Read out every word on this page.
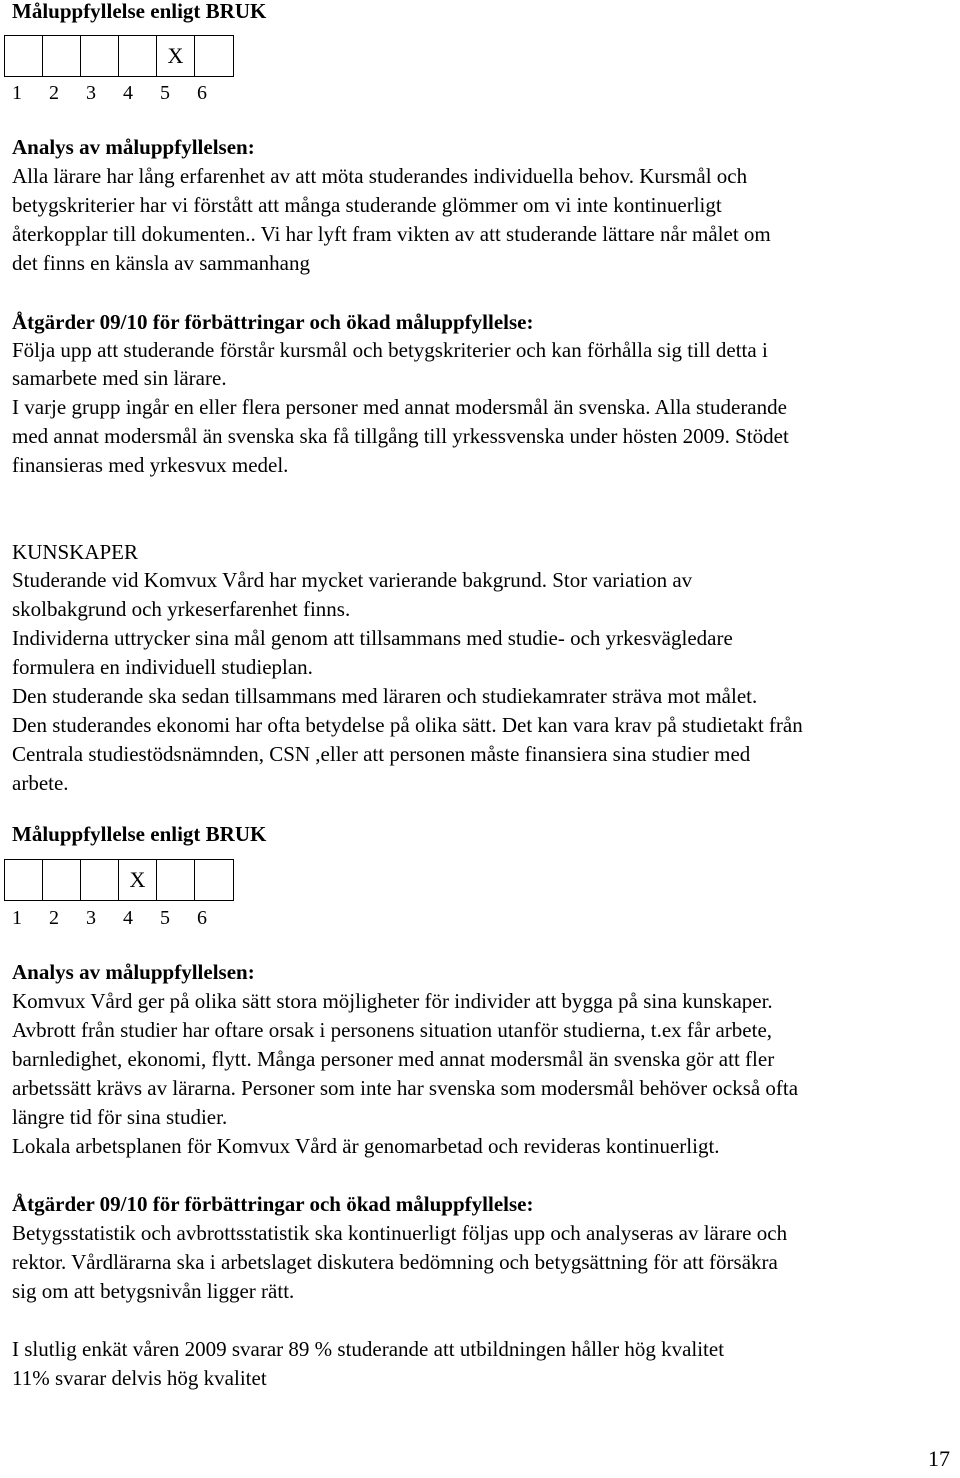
Måluppfyllelse enligt BRUK
X
1 2 3 4 5 6
Analys av måluppfyllelsen:
Alla lärare har lång erfarenhet av att möta studerandes individuella behov. Kursmål och
betygskriterier har vi förstått att många studerande glömmer om vi inte kontinuerligt
återkopplar till dokumenten.. Vi har lyft fram vikten av att studerande lättare når målet om
det finns en känsla av sammanhang
Åtgärder 09/10 för förbättringar och ökad måluppfyllelse:
Följa upp att studerande förstår kursmål och betygskriterier och kan förhålla sig till detta i
samarbete med sin lärare.
I varje grupp ingår en eller flera personer med annat modersmål än svenska. Alla studerande
med annat modersmål än svenska ska få tillgång till yrkessvenska under hösten 2009. Stödet
finansieras med yrkesvux medel.
KUNSKAPER
Studerande vid Komvux Vård har mycket varierande bakgrund. Stor variation av
skolbakgrund och yrkeserfarenhet finns.
Individerna uttrycker sina mål genom att tillsammans med studie- och yrkesvägledare
formulera en individuell studieplan.
Den studerande ska sedan tillsammans med läraren och studiekamrater sträva mot målet.
Den studerandes ekonomi har ofta betydelse på olika sätt. Det kan vara krav på studietakt från
Centrala studiestödsnämnden, CSN ,eller att personen måste finansiera sina studier med
arbete.
Måluppfyllelse enligt BRUK
X
1 2 3 4 5 6
Analys av måluppfyllelsen:
Komvux Vård ger på olika sätt stora möjligheter för individer att bygga på sina kunskaper.
Avbrott från studier har oftare orsak i personens situation utanför studierna, t.ex får arbete,
barnledighet, ekonomi, flytt. Många personer med annat modersmål än svenska gör att fler
arbetssätt krävs av lärarna. Personer som inte har svenska som modersmål behöver också ofta
längre tid för sina studier.
Lokala arbetsplanen för Komvux Vård är genomarbetad och revideras kontinuerligt.
Åtgärder 09/10 för förbättringar och ökad måluppfyllelse:
Betygsstatistik och avbrottsstatistik ska kontinuerligt följas upp och analyseras av lärare och
rektor. Vårdlärarna ska i arbetslaget diskutera bedömning och betygsättning för att försäkra
sig om att betygsnivån ligger rätt.
I slutlig enkät våren 2009 svarar 89 % studerande att utbildningen håller hög kvalitet
11% svarar delvis hög kvalitet
17
